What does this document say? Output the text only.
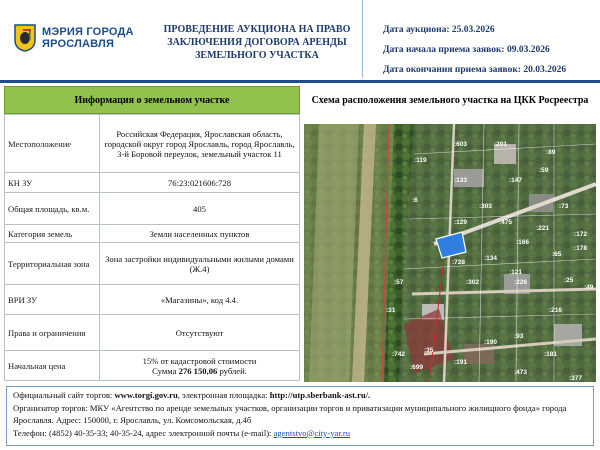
МЭРИЯ ГОРОДА
ЯРОСЛАВЛЯ
ПРОВЕДЕНИЕ АУКЦИОНА НА ПРАВО ЗАКЛЮЧЕНИЯ ДОГОВОРА АРЕНДЫ ЗЕМЕЛЬНОГО УЧАСТКА
Дата аукциона: 25.03.2026
Дата начала приема заявок: 09.03.2026
Дата окончания приема заявок: 20.03.2026
Информация о земельном участке
Местоположение	Российская Федерация, Ярославская область, городской округ город Ярославль, город Ярославль, 3-й Боровой переулок, земельный участок 11
КН ЗУ	76:23:021606:728
Общая площадь, кв.м.	405
Категория земель	Земли населенных пунктов
Территориальная зона	Зона застройки индивидуальными жилыми домами (Ж.4)
ВРИ ЗУ	«Магазины», код 4.4.
Права и ограничения	Отсутствуют
Начальная цена	15% от кадастровой стоимости
Сумма 276 150,06 рублей.
Схема расположения земельного участка на ЦКК Росреестра
:603	:201
:89
:119
:59
:133	:147
:6
:303	:73
:475
:221
:172
:129
:166
:65
:178
:134
:728
:121
:57	:302	:226	:25
:49
:31	:216
:190
:93
:742
:35
:181
:191
:699
:473
:377
Официальный сайт торгов: www.torgi.gov.ru, электронная площадка: http://utp.sberbank-ast.ru/.
Организатор торгов: МКУ «Агентство по аренде земельных участков, организации торгов и приватизации муниципального жилищного фонда» города Ярославля. Адрес: 150000, г. Ярославль, ул. Комсомольская, д.4б
Телефон: (4852) 40-35-33; 40-35-24, адрес электронной почты (e-mail): agentstvo@city-yar.ru
